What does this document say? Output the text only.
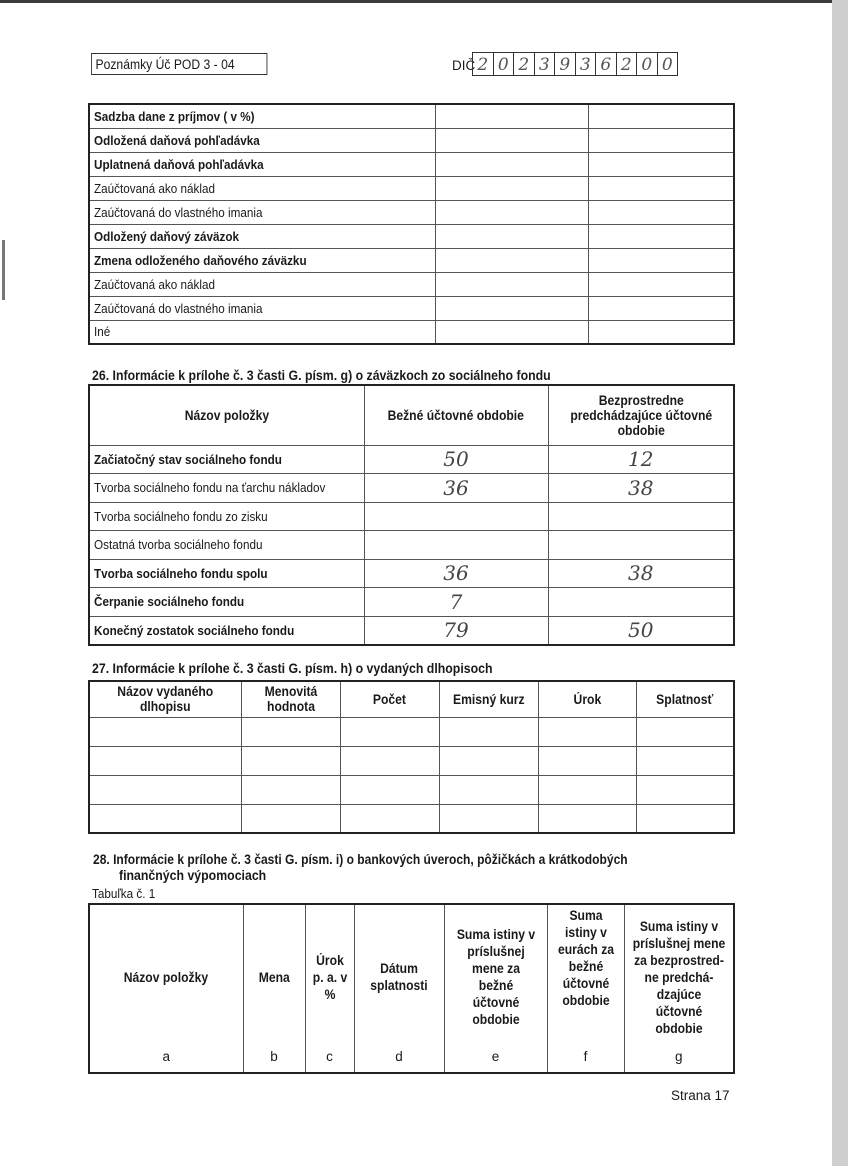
Poznámky Úč POD 3 - 04	DIČ 2 0 2 3 9 3 6 2 0 0
Sadzba dane z príjmov ( v %)		
Odložená daňová pohľadávka		
Uplatnená daňová pohľadávka		
Zaúčtovaná ako náklad		
Zaúčtovaná do vlastného imania		
Odložený daňový záväzok		
Zmena odloženého daňového záväzku		
Zaúčtovaná ako náklad		
Zaúčtovaná do vlastného imania		
Iné		
26. Informácie k prílohe č. 3 časti G. písm. g) o záväzkoch zo sociálneho fondu
Názov položky	Bežné účtovné obdobie	Bezprostredne predchádzajúce účtovné obdobie
Začiatočný stav sociálneho fondu	50	12
Tvorba sociálneho fondu na ťarchu nákladov	36	38
Tvorba sociálneho fondu zo zisku		
Ostatná tvorba sociálneho fondu		
Tvorba sociálneho fondu spolu	36	38
Čerpanie sociálneho fondu	7	
Konečný zostatok sociálneho fondu	79	50
27. Informácie k prílohe č. 3 časti G. písm. h) o vydaných dlhopisoch
Názov vydaného dlhopisu	Menovitá hodnota	Počet	Emisný kurz	Úrok	Splatnosť

28. Informácie k prílohe č. 3 časti G. písm. i) o bankových úveroch, pôžičkách a krátkodobých
finančných výpomociach
Tabuľka č. 1
Názov položky	Mena	Úrok p. a. v %	Dátum splatnosti	Suma istiny v príslušnej mene za bežné účtovné obdobie	Suma istiny v eurách za bežné účtovné obdobie	Suma istiny v príslušnej mene za bezprostred-ne predchá-dzajúce účtovné obdobie
a	b	c	d	e	f	g
Strana 17
